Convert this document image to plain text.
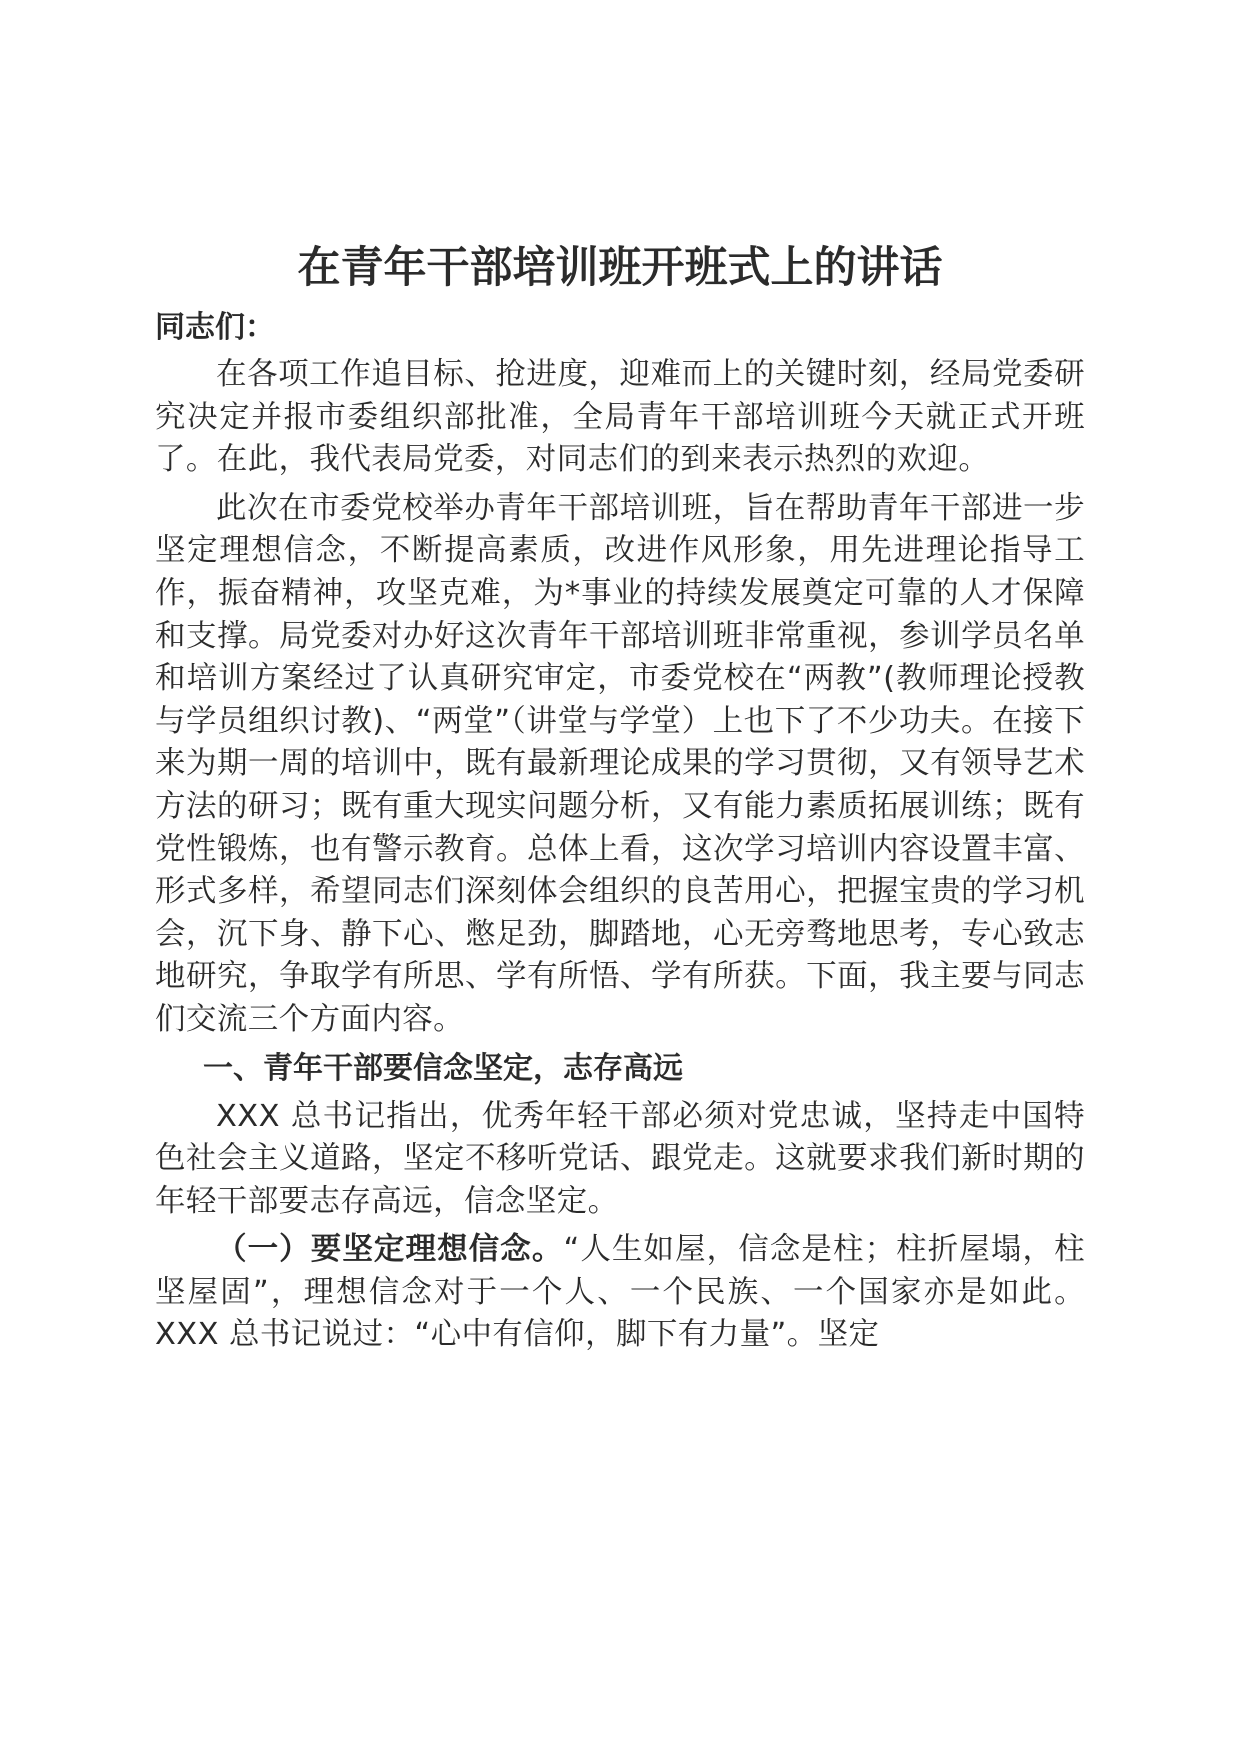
在青年干部培训班开班式上的讲话
同志们：

在各项工作追目标、抢进度，迎难而上的关键时刻，经局党委研究决定并报市委组织部批准，全局青年干部培训班今天就正式开班了。在此，我代表局党委，对同志们的到来表示热烈的欢迎。

此次在市委党校举办青年干部培训班，旨在帮助青年干部进一步坚定理想信念，不断提高素质，改进作风形象，用先进理论指导工作，振奋精神，攻坚克难，为*事业的持续发展奠定可靠的人才保障和支撑。局党委对办好这次青年干部培训班非常重视，参训学员名单和培训方案经过了认真研究审定，市委党校在“两教”(教师理论授教与学员组织讨教)、“两堂”（讲堂与学堂）上也下了不少功夫。在接下来为期一周的培训中，既有最新理论成果的学习贯彻，又有领导艺术方法的研习；既有重大现实问题分析，又有能力素质拓展训练；既有党性锻炼，也有警示教育。总体上看，这次学习培训内容设置丰富、形式多样，希望同志们深刻体会组织的良苦用心，把握宝贵的学习机会，沉下身、静下心、憋足劲，脚踏地，心无旁骛地思考，专心致志地研究，争取学有所思、学有所悟、学有所获。下面，我主要与同志们交流三个方面内容。

一、青年干部要信念坚定，志存高远

XXX 总书记指出，优秀年轻干部必须对党忠诚，坚持走中国特色社会主义道路，坚定不移听党话、跟党走。这就要求我们新时期的年轻干部要志存高远，信念坚定。

（一）要坚定理想信念。“人生如屋，信念是柱；柱折屋塌，柱坚屋固”，理想信念对于一个人、一个民族、一个国家亦是如此。XXX 总书记说过：“心中有信仰，脚下有力量”。坚定
